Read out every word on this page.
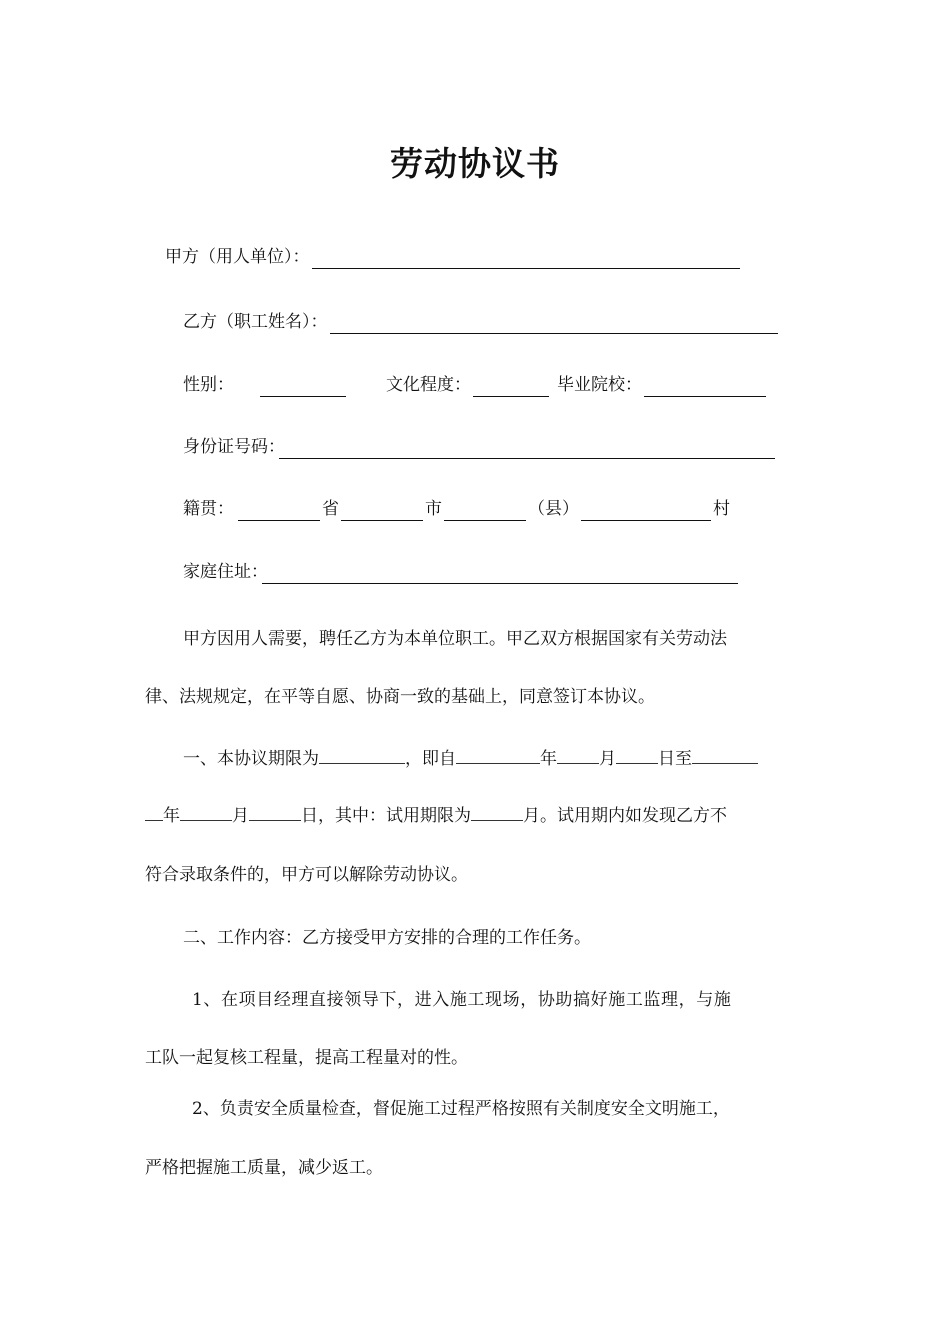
劳动协议书
甲方（用人单位）：
乙方（职工姓名）：
性别：	文化程度：	毕业院校：
身份证号码：
籍贯：	省	市	（县）	村
家庭住址：
甲方因用人需要，聘任乙方为本单位职工。甲乙双方根据国家有关劳动法
律、法规规定，在平等自愿、协商一致的基础上，同意签订本协议。
一、本协议期限为	，即自	年 月 日至
年	月	日，其中：试用期限为	月。试用期内如发现乙方不
符合录取条件的，甲方可以解除劳动协议。
二、工作内容：乙方接受甲方安排的合理的工作任务。
1、在项目经理直接领导下，进入施工现场，协助搞好施工监理，与施
工队一起复核工程量，提高工程量对的性。
2、负责安全质量检查，督促施工过程严格按照有关制度安全文明施工，
严格把握施工质量，减少返工。
